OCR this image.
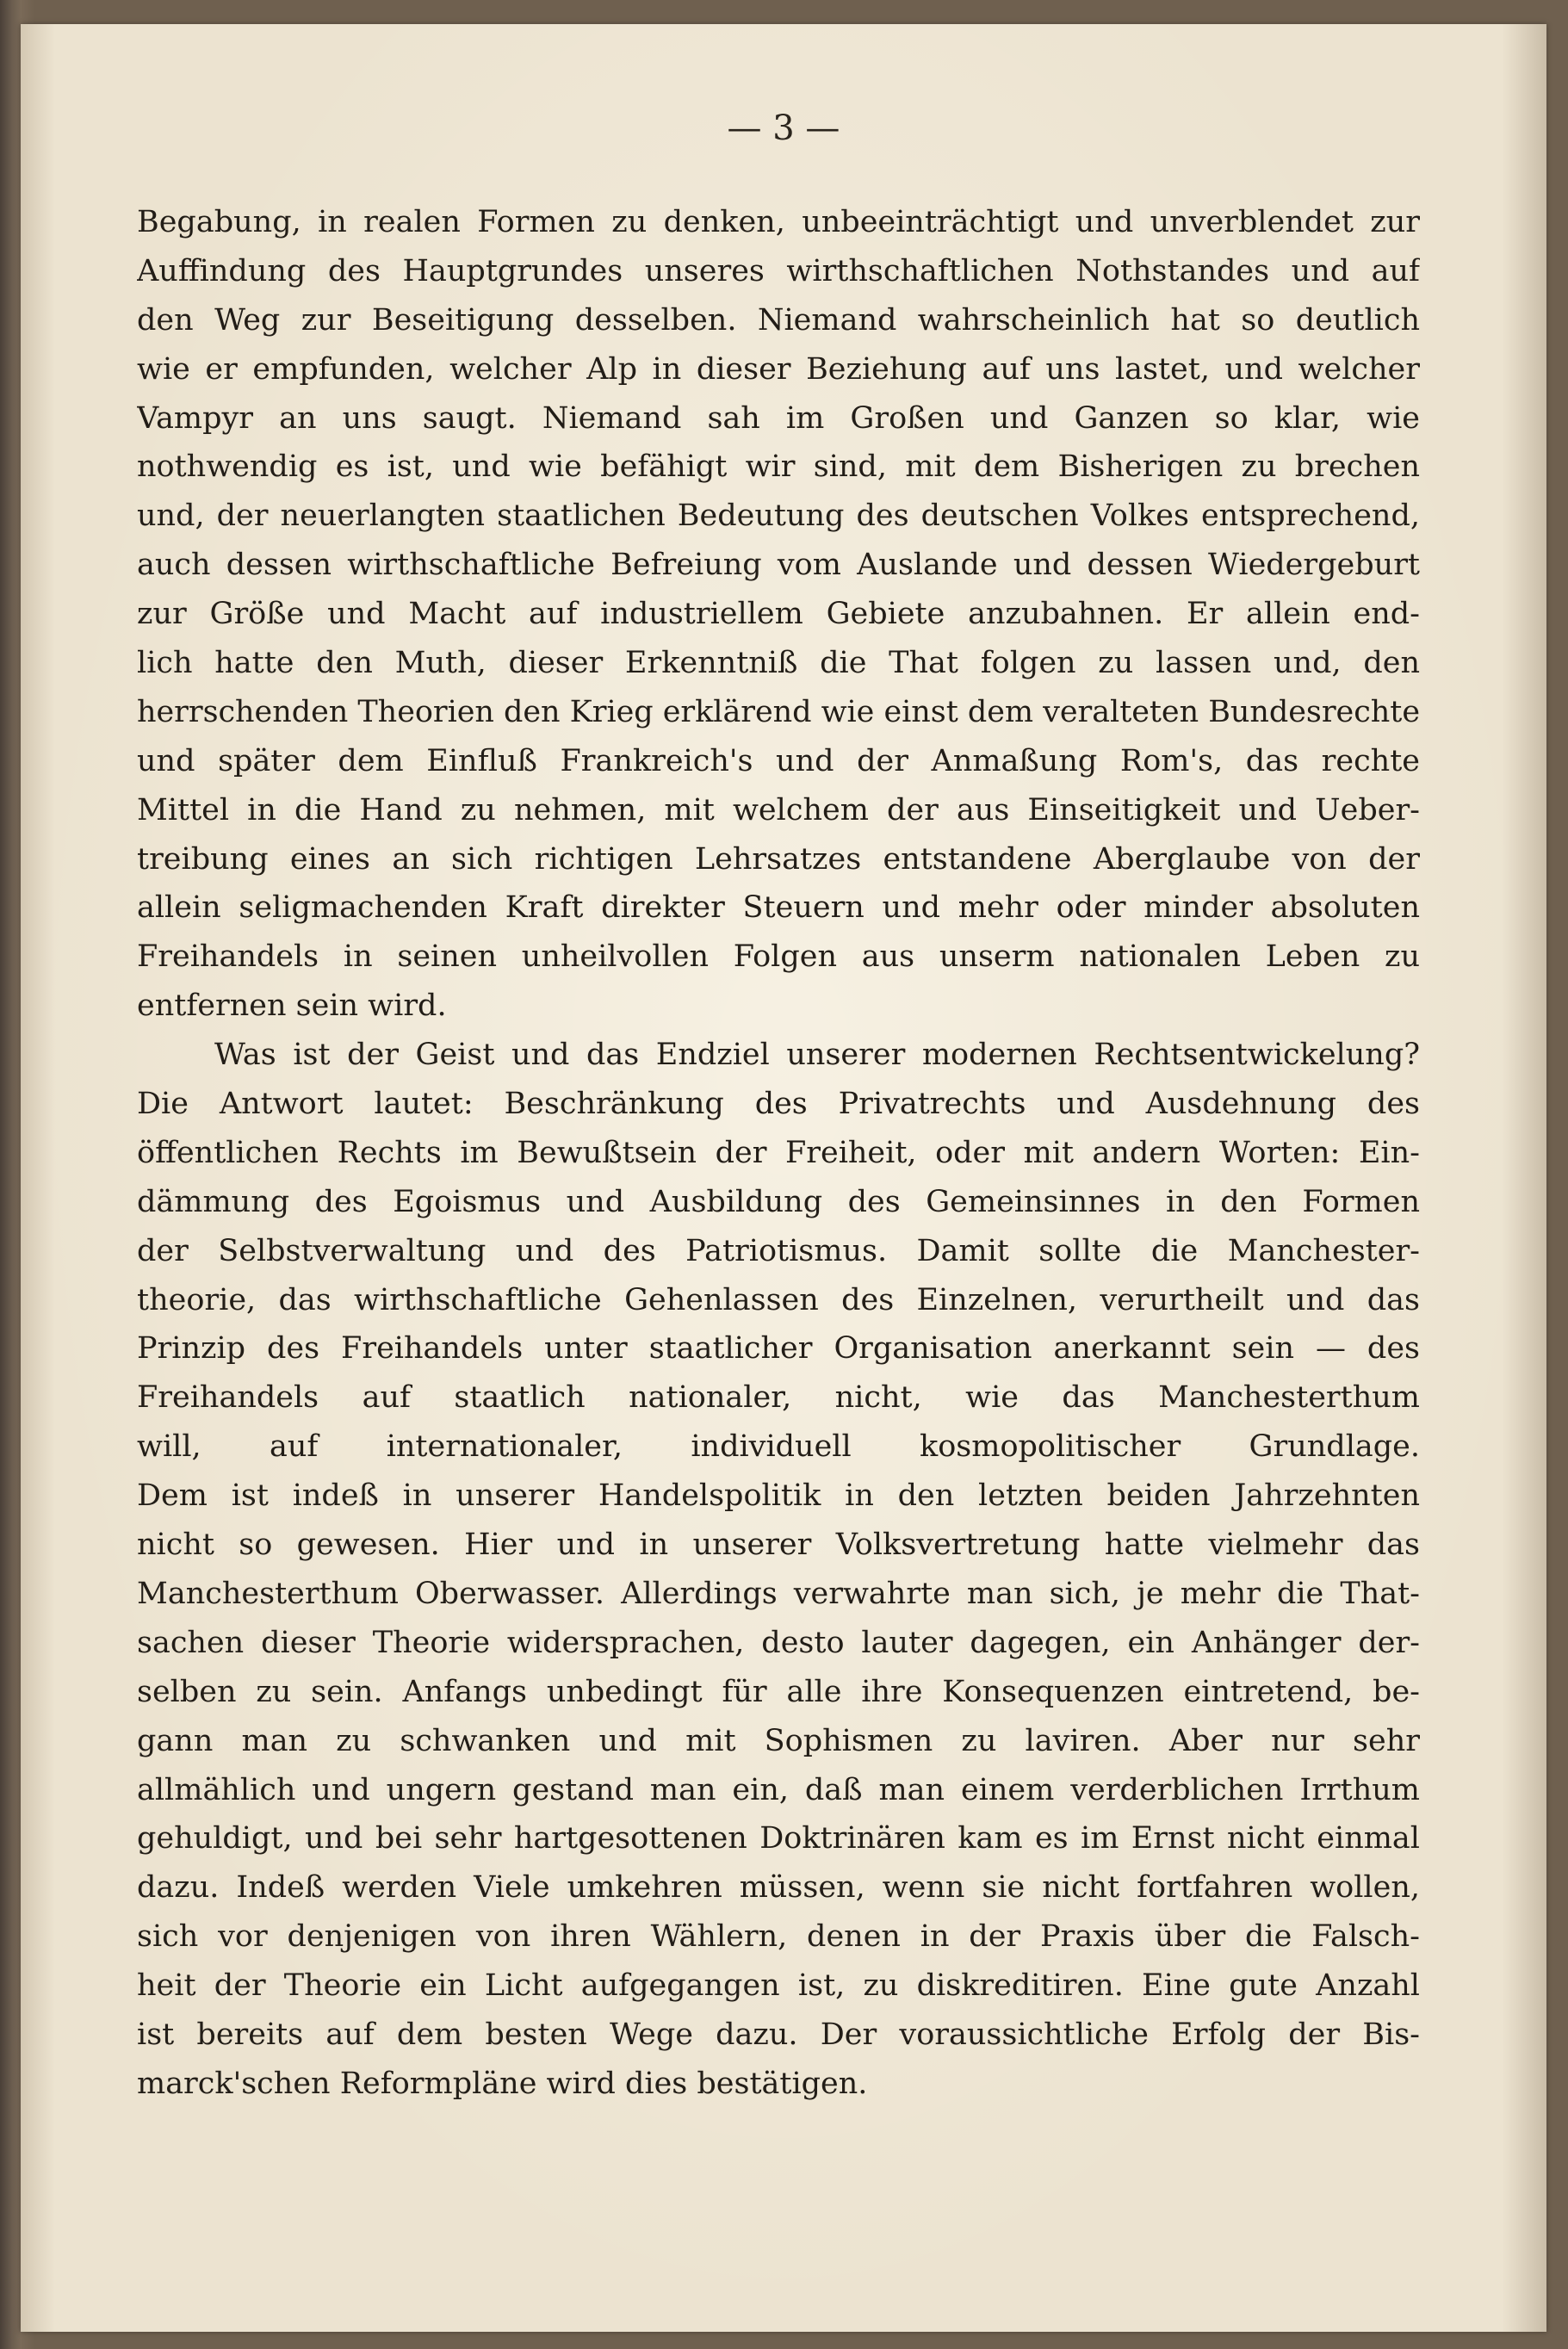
— 3 —
Begabung, in realen Formen zu denken, unbeeinträchtigt und unverblendet zur
Auffindung des Hauptgrundes unseres wirthschaftlichen Nothstandes und auf
den Weg zur Beseitigung desselben. Niemand wahrscheinlich hat so deutlich
wie er empfunden, welcher Alp in dieser Beziehung auf uns lastet, und welcher
Vampyr an uns saugt. Niemand sah im Großen und Ganzen so klar, wie
nothwendig es ist, und wie befähigt wir sind, mit dem Bisherigen zu brechen
und, der neuerlangten staatlichen Bedeutung des deutschen Volkes entsprechend,
auch dessen wirthschaftliche Befreiung vom Auslande und dessen Wiedergeburt
zur Größe und Macht auf industriellem Gebiete anzubahnen. Er allein end-
lich hatte den Muth, dieser Erkenntniß die That folgen zu lassen und, den
herrschenden Theorien den Krieg erklärend wie einst dem veralteten Bundesrechte
und später dem Einfluß Frankreich's und der Anmaßung Rom's, das rechte
Mittel in die Hand zu nehmen, mit welchem der aus Einseitigkeit und Ueber-
treibung eines an sich richtigen Lehrsatzes entstandene Aberglaube von der
allein seligmachenden Kraft direkter Steuern und mehr oder minder absoluten
Freihandels in seinen unheilvollen Folgen aus unserm nationalen Leben zu
entfernen sein wird.
Was ist der Geist und das Endziel unserer modernen Rechtsentwickelung?
Die Antwort lautet: Beschränkung des Privatrechts und Ausdehnung des
öffentlichen Rechts im Bewußtsein der Freiheit, oder mit andern Worten: Ein-
dämmung des Egoismus und Ausbildung des Gemeinsinnes in den Formen
der Selbstverwaltung und des Patriotismus. Damit sollte die Manchester-
theorie, das wirthschaftliche Gehenlassen des Einzelnen, verurtheilt und das
Prinzip des Freihandels unter staatlicher Organisation anerkannt sein — des
Freihandels auf staatlich nationaler, nicht, wie das Manchesterthum
will, auf internationaler, individuell kosmopolitischer Grundlage.
Dem ist indeß in unserer Handelspolitik in den letzten beiden Jahrzehnten
nicht so gewesen. Hier und in unserer Volksvertretung hatte vielmehr das
Manchesterthum Oberwasser. Allerdings verwahrte man sich, je mehr die That-
sachen dieser Theorie widersprachen, desto lauter dagegen, ein Anhänger der-
selben zu sein. Anfangs unbedingt für alle ihre Konsequenzen eintretend, be-
gann man zu schwanken und mit Sophismen zu laviren. Aber nur sehr
allmählich und ungern gestand man ein, daß man einem verderblichen Irrthum
gehuldigt, und bei sehr hartgesottenen Doktrinären kam es im Ernst nicht einmal
dazu. Indeß werden Viele umkehren müssen, wenn sie nicht fortfahren wollen,
sich vor denjenigen von ihren Wählern, denen in der Praxis über die Falsch-
heit der Theorie ein Licht aufgegangen ist, zu diskreditiren. Eine gute Anzahl
ist bereits auf dem besten Wege dazu. Der voraussichtliche Erfolg der Bis-
marck'schen Reformpläne wird dies bestätigen.
